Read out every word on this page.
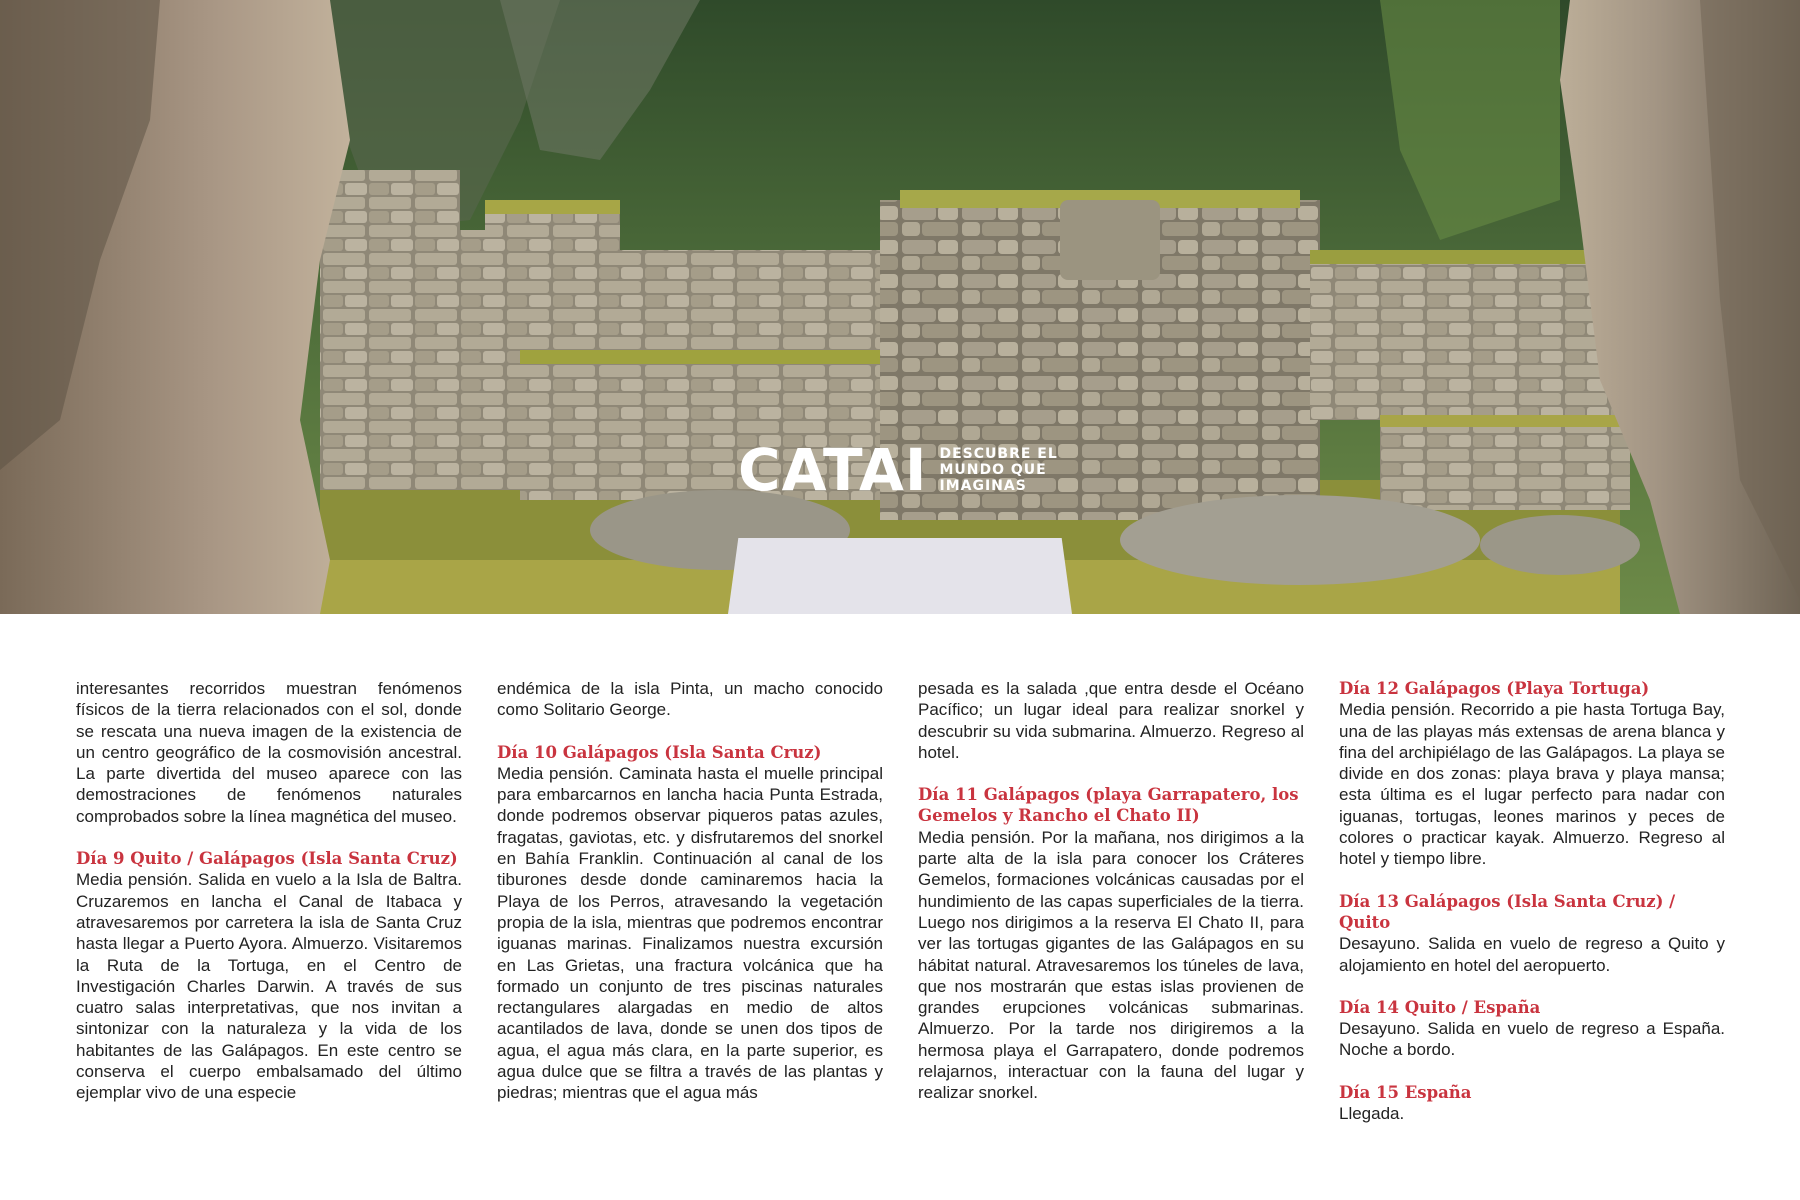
CATAI DESCUBRE EL
MUNDO QUE
IMAGINAS

interesantes recorridos muestran fenómenos físicos de la tierra relacionados con el sol, donde se rescata una nueva imagen de la existencia de un centro geográfico de la cosmovisión ancestral. La parte divertida del museo aparece con las demostraciones de fenómenos naturales comprobados sobre la línea magnética del museo.

Día 9 Quito / Galápagos (Isla Santa Cruz)

Media pensión. Salida en vuelo a la Isla de Baltra. Cruzaremos en lancha el Canal de Itabaca y atravesaremos por carretera la isla de Santa Cruz hasta llegar a Puerto Ayora. Almuerzo. Visitaremos la Ruta de la Tortuga, en el Centro de Investigación Charles Darwin. A través de sus cuatro salas interpretativas, que nos invitan a sintonizar con la naturaleza y la vida de los habitantes de las Galápagos. En este centro se conserva el cuerpo embalsamado del último ejemplar vivo de una especie

endémica de la isla Pinta, un macho conocido como Solitario George.

Día 10 Galápagos (Isla Santa Cruz)

Media pensión. Caminata hasta el muelle principal para embarcarnos en lancha hacia Punta Estrada, donde podremos observar piqueros patas azules, fragatas, gaviotas, etc. y disfrutaremos del snorkel en Bahía Franklin. Continuación al canal de los tiburones desde donde caminaremos hacia la Playa de los Perros, atravesando la vegetación propia de la isla, mientras que podremos encontrar iguanas marinas. Finalizamos nuestra excursión en Las Grietas, una fractura volcánica que ha formado un conjunto de tres piscinas naturales rectangulares alargadas en medio de altos acantilados de lava, donde se unen dos tipos de agua, el agua más clara, en la parte superior, es agua dulce que se filtra a través de las plantas y piedras; mientras que el agua más

pesada es la salada ,que entra desde el Océano Pacífico; un lugar ideal para realizar snorkel y descubrir su vida submarina. Almuerzo. Regreso al hotel.

Día 11 Galápagos (playa Garrapatero, los Gemelos y Rancho el Chato II)

Media pensión. Por la mañana, nos dirigimos a la parte alta de la isla para conocer los Cráteres Gemelos, formaciones volcánicas causadas por el hundimiento de las capas superficiales de la tierra. Luego nos dirigimos a la reserva El Chato II, para ver las tortugas gigantes de las Galápagos en su hábitat natural. Atravesaremos los túneles de lava, que nos mostrarán que estas islas provienen de grandes erupciones volcánicas submarinas. Almuerzo. Por la tarde nos dirigiremos a la hermosa playa el Garrapatero, donde podremos relajarnos, interactuar con la fauna del lugar y realizar snorkel.

Día 12 Galápagos (Playa Tortuga)

Media pensión. Recorrido a pie hasta Tortuga Bay, una de las playas más extensas de arena blanca y fina del archipiélago de las Galápagos. La playa se divide en dos zonas: playa brava y playa mansa; esta última es el lugar perfecto para nadar con iguanas, tortugas, leones marinos y peces de colores o practicar kayak. Almuerzo. Regreso al hotel y tiempo libre.

Día 13 Galápagos (Isla Santa Cruz) / Quito

Desayuno. Salida en vuelo de regreso a Quito y alojamiento en hotel del aeropuerto.

Día 14 Quito / España

Desayuno. Salida en vuelo de regreso a España. Noche a bordo.

Día 15 España

Llegada.
